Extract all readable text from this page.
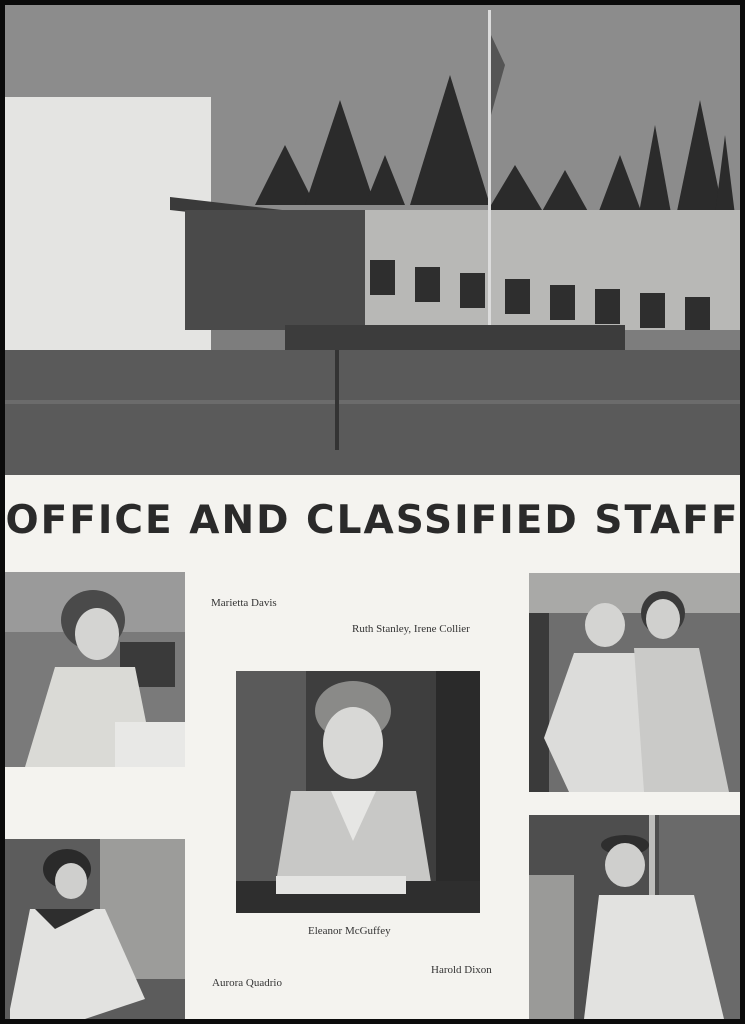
OFFICE AND CLASSIFIED STAFF
Marietta Davis
Ruth Stanley, Irene Collier
Eleanor McGuffey
Harold Dixon
Aurora Quadrio
